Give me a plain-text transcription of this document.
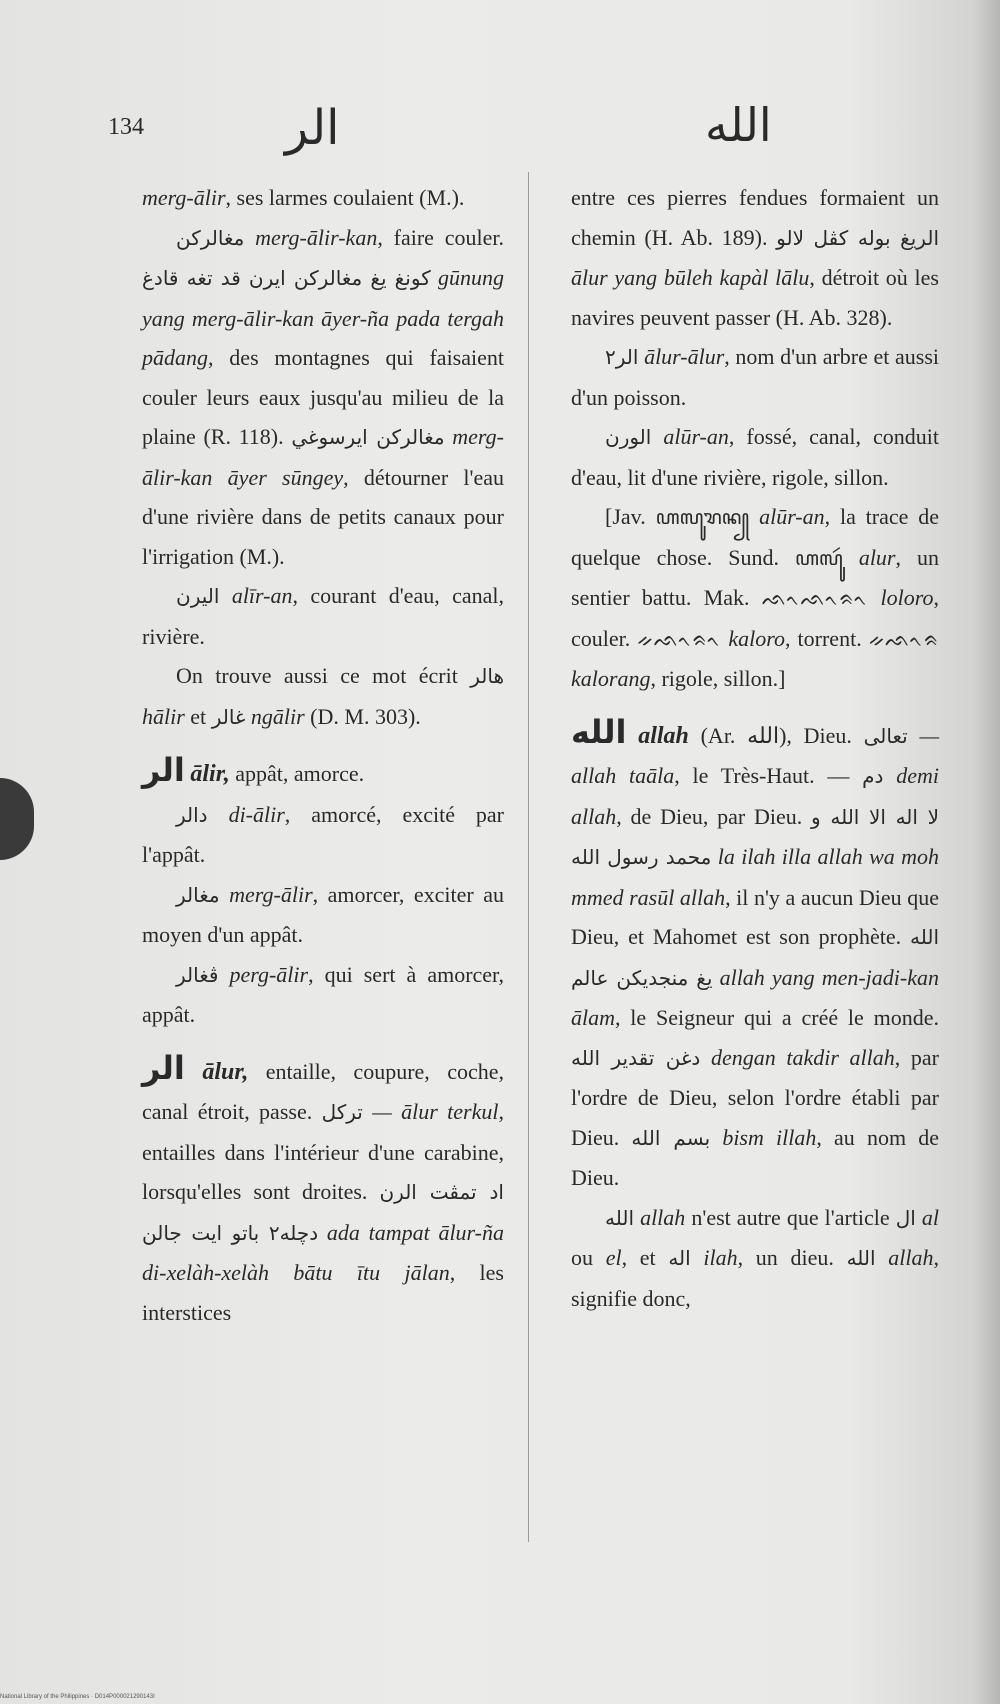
134	الر	الله

merg-ālir, ses larmes coulaient (M.).

مغالركن merg-ālir-kan, faire couler. كونغ يغ مغالركن ايرن قد تغه قادغ gūnung yang merg-ālir-kan āyer-ña pada tergah pādang, des montagnes qui faisaient couler leurs eaux jusqu'au milieu de la plaine (R. 118). مغالركن ايرسوغي merg-ālir-kan āyer sūngey, détourner l'eau d'une rivière dans de petits canaux pour l'irrigation (M.).

اليرن alīr-an, courant d'eau, canal, rivière.

On trouve aussi ce mot écrit هالر hālir et غالر ngālir (D. M. 303).

الر ālir, appât, amorce.

دالر di-ālir, amorcé, excité par l'appât.

مغالر merg-ālir, amorcer, exciter au moyen d'un appât.

ڤغالر perg-ālir, qui sert à amorcer, appât.

الر ālur, entaille, coupure, coche, canal étroit, passe. تركل — ālur terkul, entailles dans l'intérieur d'une carabine, lorsqu'elles sont droites. اد تمڤت الرن دچله٢ باتو ايت جالن ada tampat ālur-ña di-xelàh-xelàh bātu ītu jālan, les interstices

entre ces pierres fendues formaient un chemin (H. Ab. 189). الريغ بوله كڤل لالو ālur yang būleh kapàl lālu, détroit où les navires peuvent passer (H. Ab. 328).

الر٢ ālur-ālur, nom d'un arbre et aussi d'un poisson.

الورن alūr-an, fossé, canal, conduit d'eau, lit d'une rivière, rigole, sillon.

[Jav. ꦲꦭꦸꦫꦤ꧀ alūr-an, la trace de quelque chose. Sund. ꦲꦭꦸꦂ alur, un sentier battu. Mak. ᨒᨚᨒᨚᨑᨚ loloro, couler. ᨀᨒᨚᨑᨚ kaloro, torrent. ᨀᨒᨚᨑ kalorang, rigole, sillon.]

الله allah (Ar. الله), Dieu. تعالى — allah taāla, le Très-Haut. — دم demi allah, de Dieu, par Dieu. لا اله الا الله و محمد رسول الله la ilah illa allah wa moh mmed rasūl allah, il n'y a aucun Dieu que Dieu, et Mahomet est son prophète. الله يغ منجديكن عالم allah yang men-jadi-kan ālam, le Seigneur qui a créé le monde. دغن تقدير الله dengan takdir allah, par l'ordre de Dieu, selon l'ordre établi par Dieu. بسم الله bism illah, au nom de Dieu.

الله allah n'est autre que l'article ال al ou el, et اله ilah, un dieu. الله allah, signifie donc,

National Library of the Philippines · D014P000021290143I
